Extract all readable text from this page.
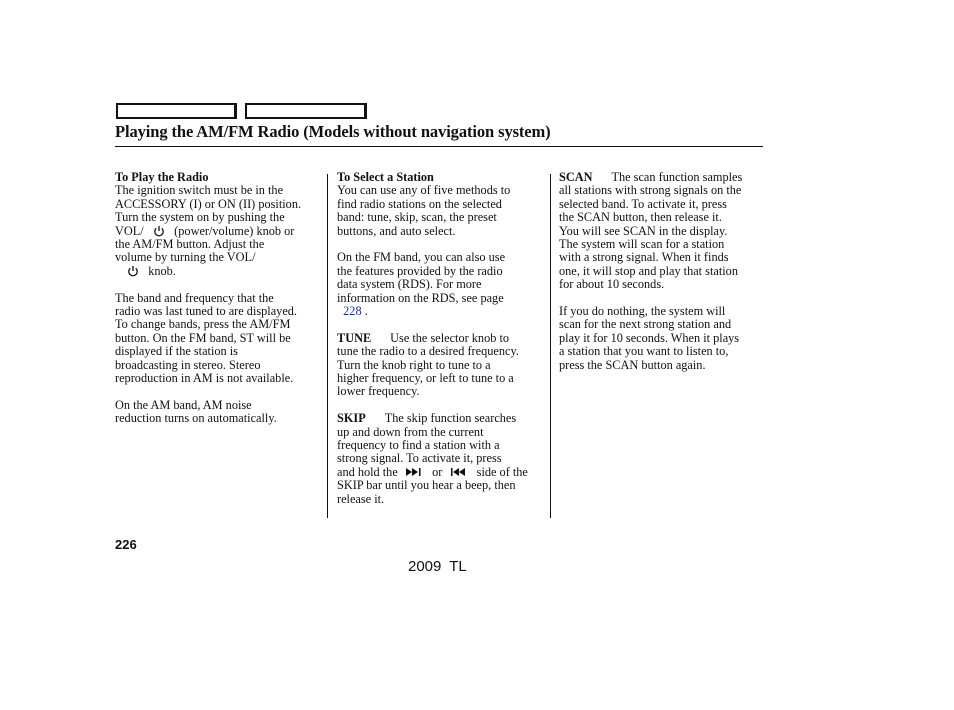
Playing the AM/FM Radio (Models without navigation system)

To Play the Radio

The ignition switch must be in the

ACCESSORY (I) or ON (II) position.

Turn the system on by pushing the

VOL/ (power/volume) knob or

the AM/FM button. Adjust the

volume by turning the VOL/

knob.

The band and frequency that the

radio was last tuned to are displayed.

To change bands, press the AM/FM

button. On the FM band, ST will be

displayed if the station is

broadcasting in stereo. Stereo

reproduction in AM is not available.

On the AM band, AM noise

reduction turns on automatically.

To Select a Station

You can use any of five methods to

find radio stations on the selected

band: tune, skip, scan, the preset

buttons, and auto select.

On the FM band, you can also use

the features provided by the radio

data system (RDS). For more

information on the RDS, see page

228 .

TUNE Use the selector knob to

tune the radio to a desired frequency.

Turn the knob right to tune to a

higher frequency, or left to tune to a

lower frequency.

SKIP The skip function searches

up and down from the current

frequency to find a station with a

strong signal. To activate it, press

and hold the	or	side of the

SKIP bar until you hear a beep, then

release it.

SCAN The scan function samples

all stations with strong signals on the

selected band. To activate it, press

the SCAN button, then release it.

You will see SCAN in the display.

The system will scan for a station

with a strong signal. When it finds

one, it will stop and play that station

for about 10 seconds.

If you do nothing, the system will

scan for the next strong station and

play it for 10 seconds. When it plays

a station that you want to listen to,

press the SCAN button again.

226
2009 TL
